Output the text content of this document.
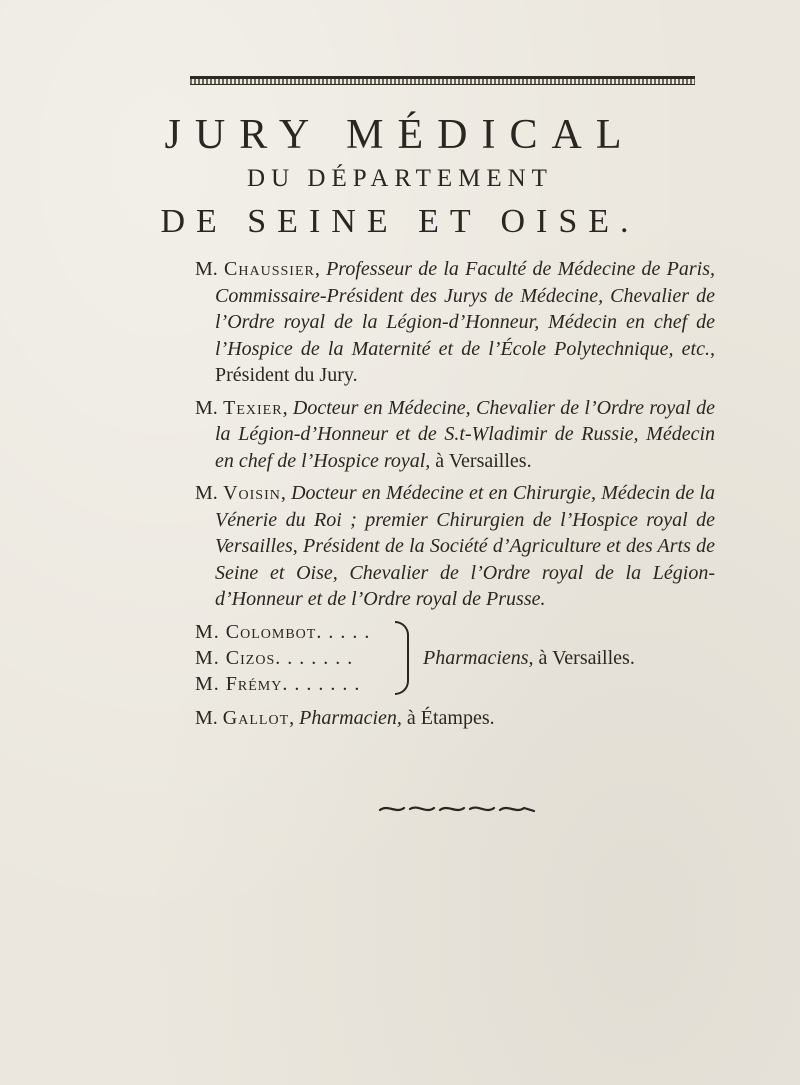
JURY MÉDICAL
DU DÉPARTEMENT
DE SEINE ET OISE.

M. Chaussier, Professeur de la Faculté de Médecine de Paris, Commissaire-Président des Jurys de Médecine, Chevalier de l’Ordre royal de la Légion-d’Honneur, Médecin en chef de l’Hospice de la Maternité et de l’École Polytechnique, etc., Président du Jury.

M. Texier, Docteur en Médecine, Chevalier de l’Ordre royal de la Légion-d’Honneur et de S.t-Wladimir de Russie, Médecin en chef de l’Hospice royal, à Versailles.

M. Voisin, Docteur en Médecine et en Chirurgie, Médecin de la Vénerie du Roi ; premier Chirurgien de l’Hospice royal de Versailles, Président de la Société d’Agriculture et des Arts de Seine et Oise, Chevalier de l’Ordre royal de la Légion-d’Honneur et de l’Ordre royal de Prusse.

M. Colombot. . . . .
M. Cizos. . . . . . .
M. Frémy. . . . . . .
Pharmaciens, à Versailles.

M. Gallot, Pharmacien, à Étampes.
